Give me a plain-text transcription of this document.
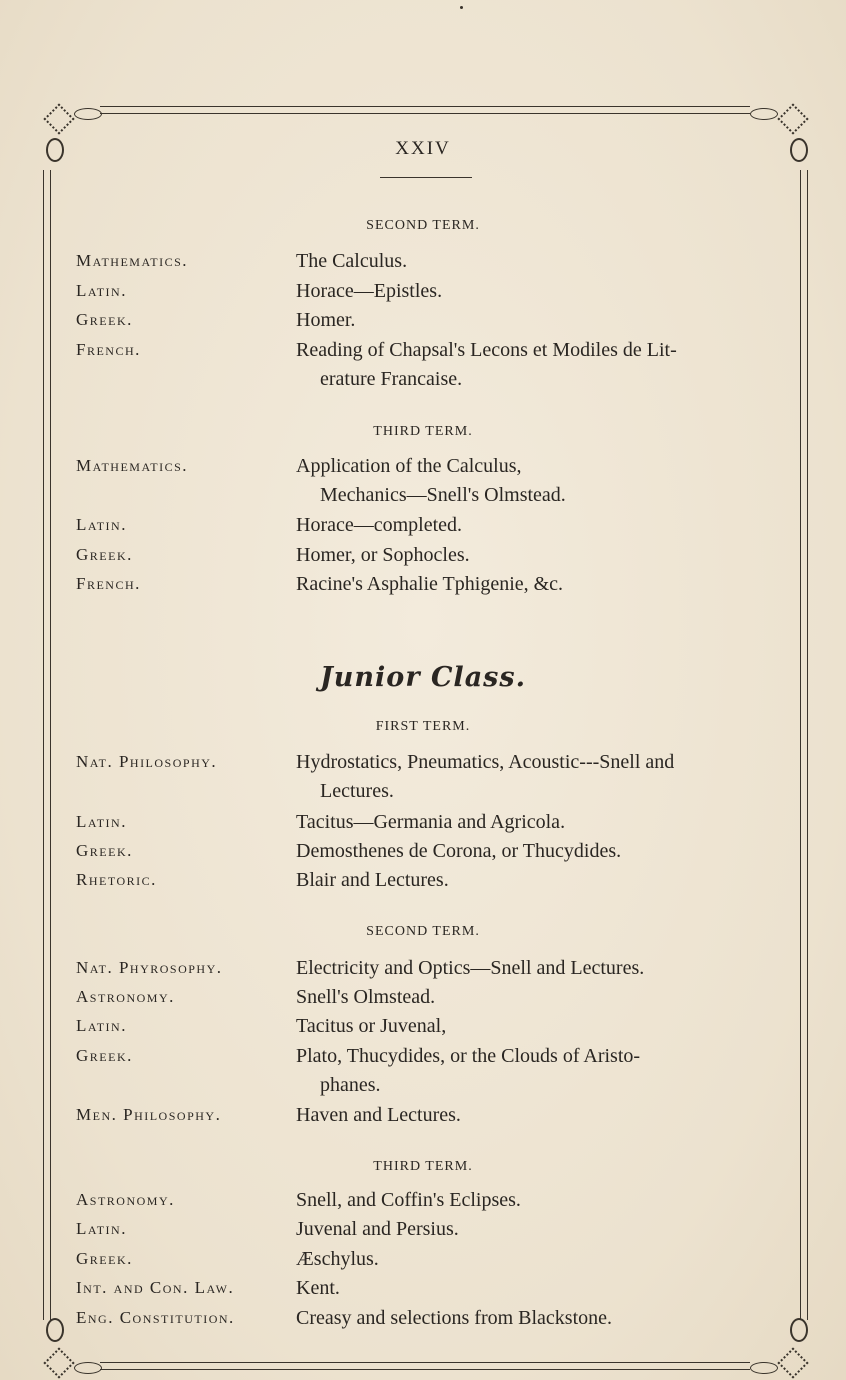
XXIV
SECOND TERM.
Mathematics.	The Calculus.
Latin.	Horace—Epistles.
Greek.	Homer.
French.	Reading of Chapsal's Lecons et Modiles de Lit-
erature Francaise.
THIRD TERM.
Mathematics.	Application of the Calculus,
Mechanics—Snell's Olmstead.
Latin.	Horace—completed.
Greek.	Homer, or Sophocles.
French.	Racine's Asphalie Tphigenie, &c.
Junior Class.
FIRST TERM.
Nat. Philosophy.	Hydrostatics, Pneumatics, Acoustic---Snell and
Lectures.
Latin.	Tacitus—Germania and Agricola.
Greek.	Demosthenes de Corona, or Thucydides.
Rhetoric.	Blair and Lectures.
SECOND TERM.
Nat. Phyrosophy.	Electricity and Optics—Snell and Lectures.
Astronomy.	Snell's Olmstead.
Latin.	Tacitus or Juvenal,
Greek.	Plato, Thucydides, or the Clouds of Aristo-
phanes.
Men. Philosophy.	Haven and Lectures.
THIRD TERM.
Astronomy.	Snell, and Coffin's Eclipses.
Latin.	Juvenal and Persius.
Greek.	Æschylus.
Int. and Con. Law.	Kent.
Eng. Constitution.	Creasy and selections from Blackstone.
